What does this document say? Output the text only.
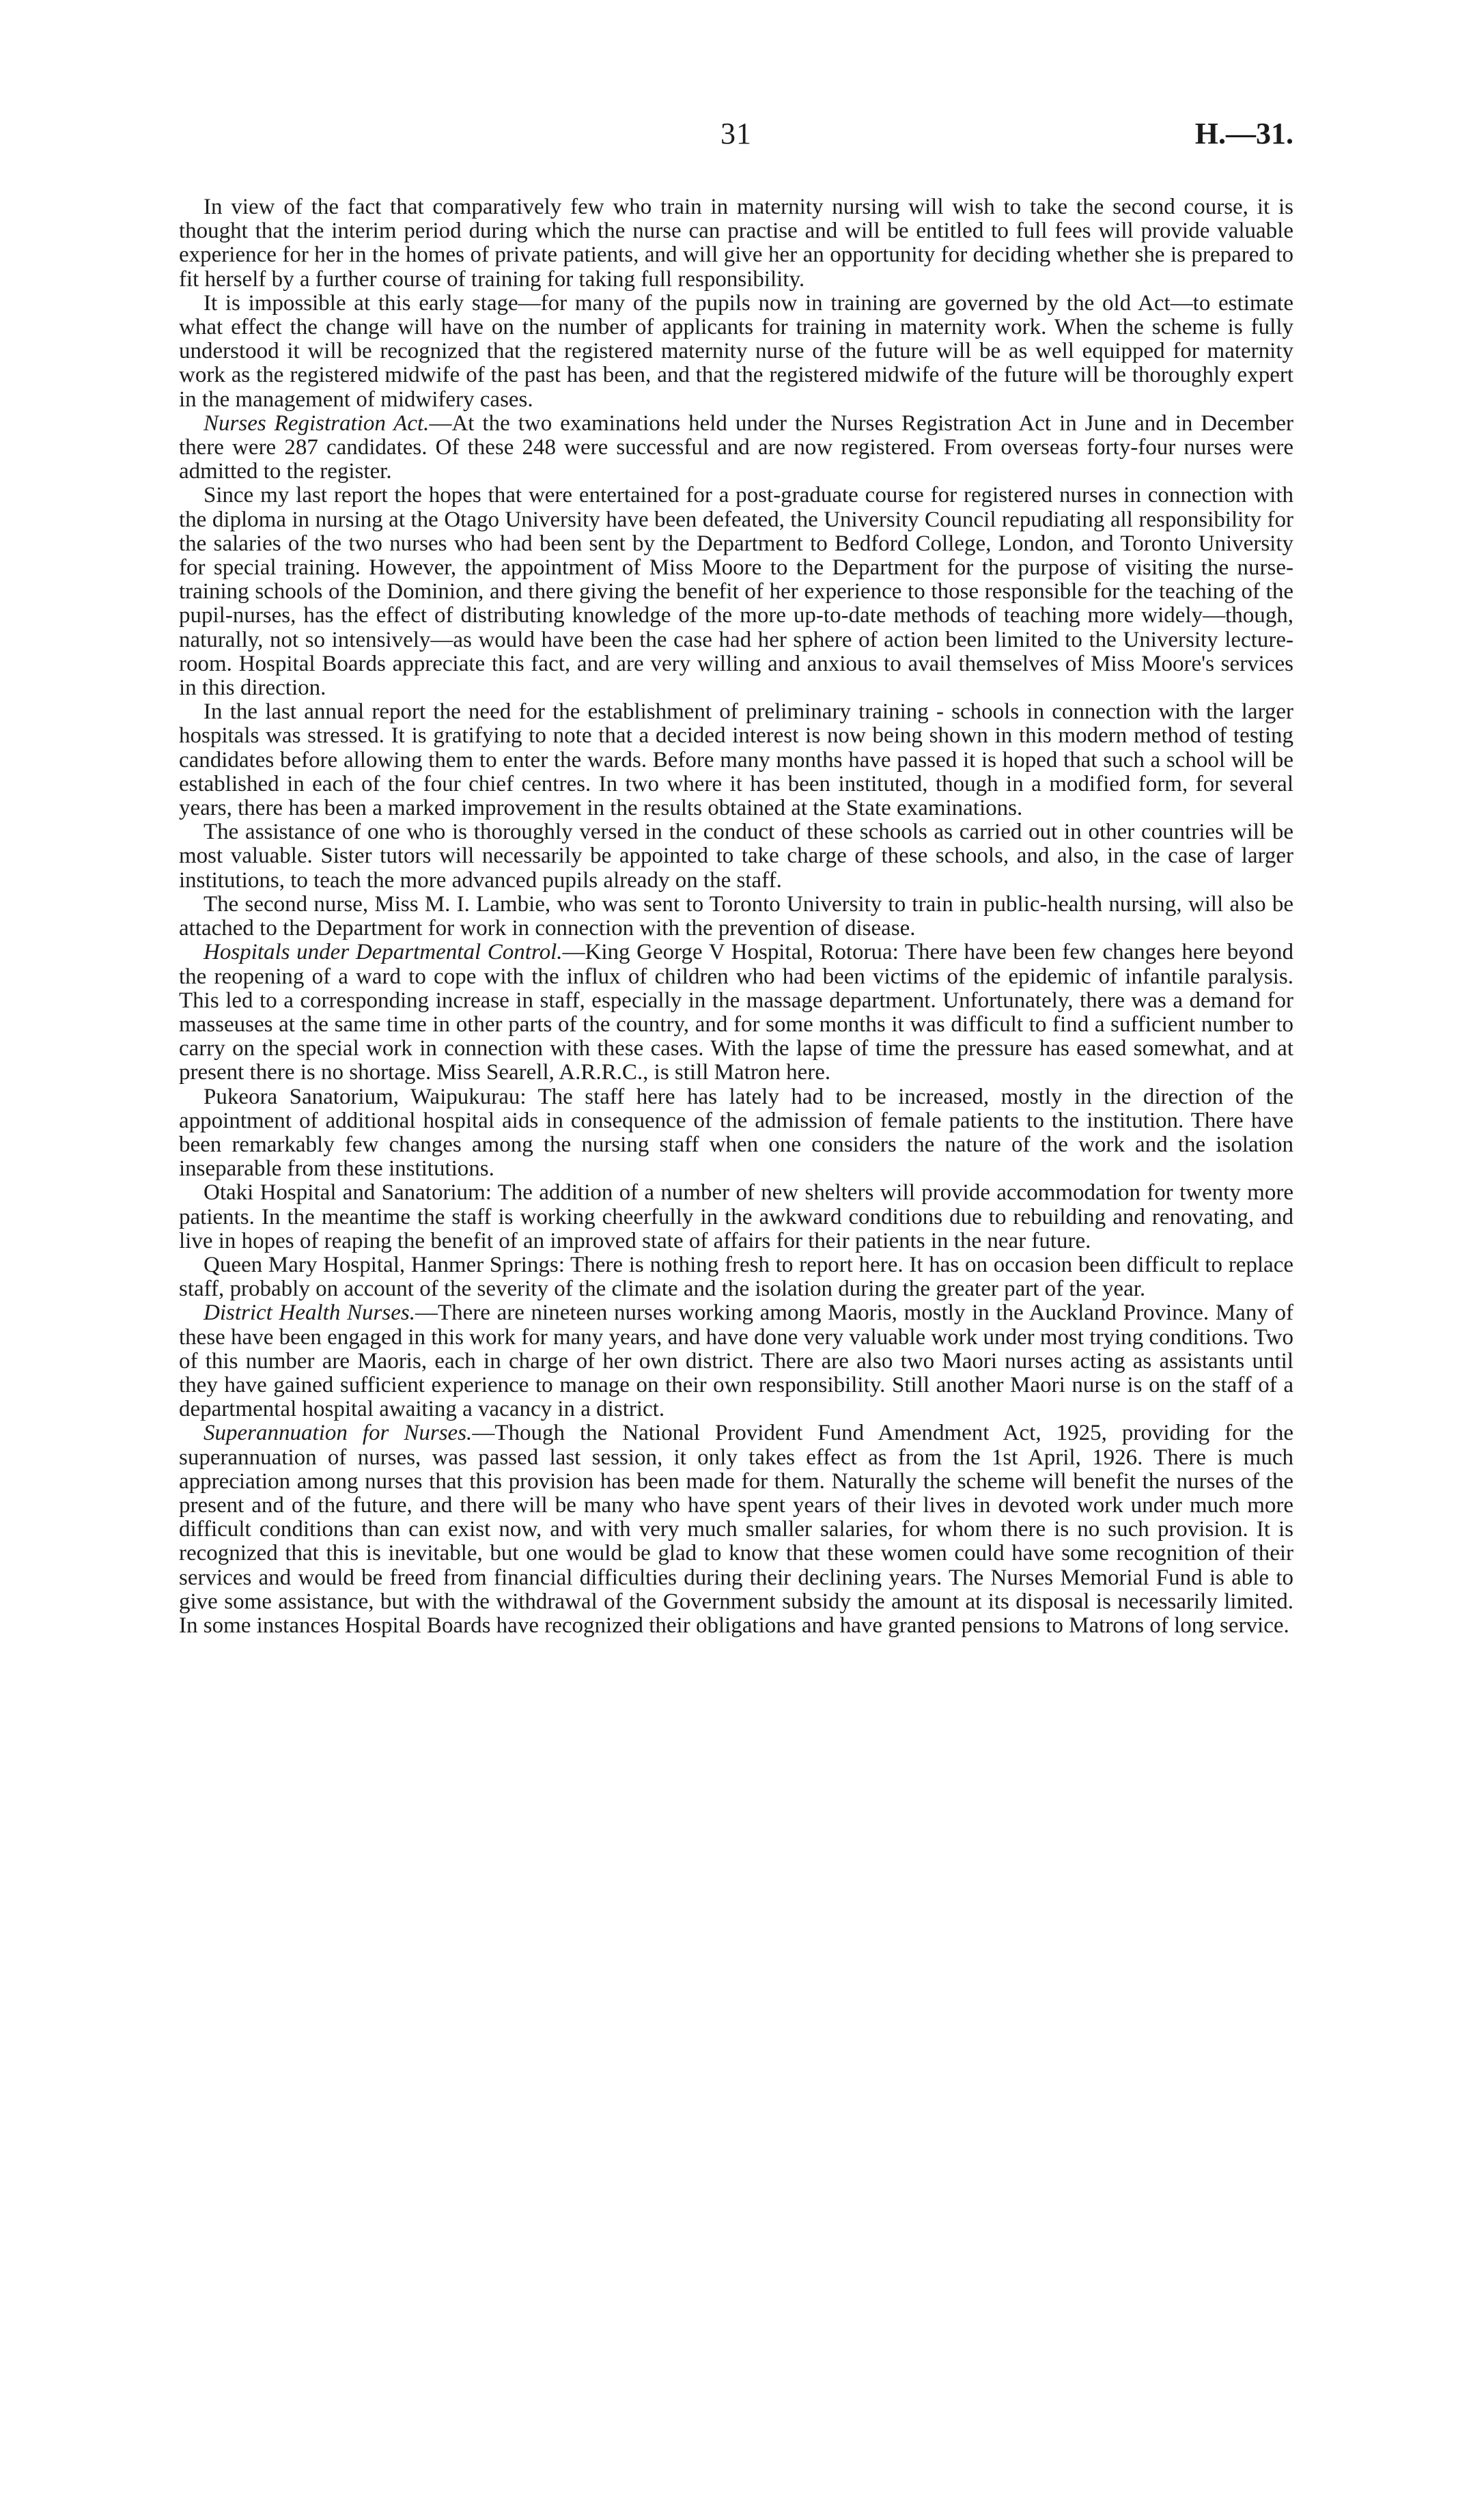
31	H.—31.

In view of the fact that comparatively few who train in maternity nursing will wish to take the second course, it is thought that the interim period during which the nurse can practise and will be entitled to full fees will provide valuable experience for her in the homes of private patients, and will give her an opportunity for deciding whether she is prepared to fit herself by a further course of training for taking full responsibility.

It is impossible at this early stage—for many of the pupils now in training are governed by the old Act—to estimate what effect the change will have on the number of applicants for training in maternity work. When the scheme is fully understood it will be recognized that the registered maternity nurse of the future will be as well equipped for maternity work as the registered midwife of the past has been, and that the registered midwife of the future will be thoroughly expert in the management of midwifery cases.

Nurses Registration Act.—At the two examinations held under the Nurses Registration Act in June and in December there were 287 candidates. Of these 248 were successful and are now registered. From overseas forty-four nurses were admitted to the register.

Since my last report the hopes that were entertained for a post-graduate course for registered nurses in connection with the diploma in nursing at the Otago University have been defeated, the University Council repudiating all responsibility for the salaries of the two nurses who had been sent by the Department to Bedford College, London, and Toronto University for special training. However, the appointment of Miss Moore to the Department for the purpose of visiting the nurse-training schools of the Dominion, and there giving the benefit of her experience to those responsible for the teaching of the pupil-nurses, has the effect of distributing knowledge of the more up-to-date methods of teaching more widely—though, naturally, not so intensively—as would have been the case had her sphere of action been limited to the University lecture-room. Hospital Boards appreciate this fact, and are very willing and anxious to avail themselves of Miss Moore's services in this direction.

In the last annual report the need for the establishment of preliminary training - schools in connection with the larger hospitals was stressed. It is gratifying to note that a decided interest is now being shown in this modern method of testing candidates before allowing them to enter the wards. Before many months have passed it is hoped that such a school will be established in each of the four chief centres. In two where it has been instituted, though in a modified form, for several years, there has been a marked improvement in the results obtained at the State examinations.

The assistance of one who is thoroughly versed in the conduct of these schools as carried out in other countries will be most valuable. Sister tutors will necessarily be appointed to take charge of these schools, and also, in the case of larger institutions, to teach the more advanced pupils already on the staff.

The second nurse, Miss M. I. Lambie, who was sent to Toronto University to train in public-health nursing, will also be attached to the Department for work in connection with the prevention of disease.

Hospitals under Departmental Control.—King George V Hospital, Rotorua: There have been few changes here beyond the reopening of a ward to cope with the influx of children who had been victims of the epidemic of infantile paralysis. This led to a corresponding increase in staff, especially in the massage department. Unfortunately, there was a demand for masseuses at the same time in other parts of the country, and for some months it was difficult to find a sufficient number to carry on the special work in connection with these cases. With the lapse of time the pressure has eased somewhat, and at present there is no shortage. Miss Searell, A.R.R.C., is still Matron here.

Pukeora Sanatorium, Waipukurau: The staff here has lately had to be increased, mostly in the direction of the appointment of additional hospital aids in consequence of the admission of female patients to the institution. There have been remarkably few changes among the nursing staff when one considers the nature of the work and the isolation inseparable from these institutions.

Otaki Hospital and Sanatorium: The addition of a number of new shelters will provide accommodation for twenty more patients. In the meantime the staff is working cheerfully in the awkward conditions due to rebuilding and renovating, and live in hopes of reaping the benefit of an improved state of affairs for their patients in the near future.

Queen Mary Hospital, Hanmer Springs: There is nothing fresh to report here. It has on occasion been difficult to replace staff, probably on account of the severity of the climate and the isolation during the greater part of the year.

District Health Nurses.—There are nineteen nurses working among Maoris, mostly in the Auckland Province. Many of these have been engaged in this work for many years, and have done very valuable work under most trying conditions. Two of this number are Maoris, each in charge of her own district. There are also two Maori nurses acting as assistants until they have gained sufficient experience to manage on their own responsibility. Still another Maori nurse is on the staff of a departmental hospital awaiting a vacancy in a district.

Superannuation for Nurses.—Though the National Provident Fund Amendment Act, 1925, providing for the superannuation of nurses, was passed last session, it only takes effect as from the 1st April, 1926. There is much appreciation among nurses that this provision has been made for them. Naturally the scheme will benefit the nurses of the present and of the future, and there will be many who have spent years of their lives in devoted work under much more difficult conditions than can exist now, and with very much smaller salaries, for whom there is no such provision. It is recognized that this is inevitable, but one would be glad to know that these women could have some recognition of their services and would be freed from financial difficulties during their declining years. The Nurses Memorial Fund is able to give some assistance, but with the withdrawal of the Government subsidy the amount at its disposal is necessarily limited. In some instances Hospital Boards have recognized their obligations and have granted pensions to Matrons of long service.
